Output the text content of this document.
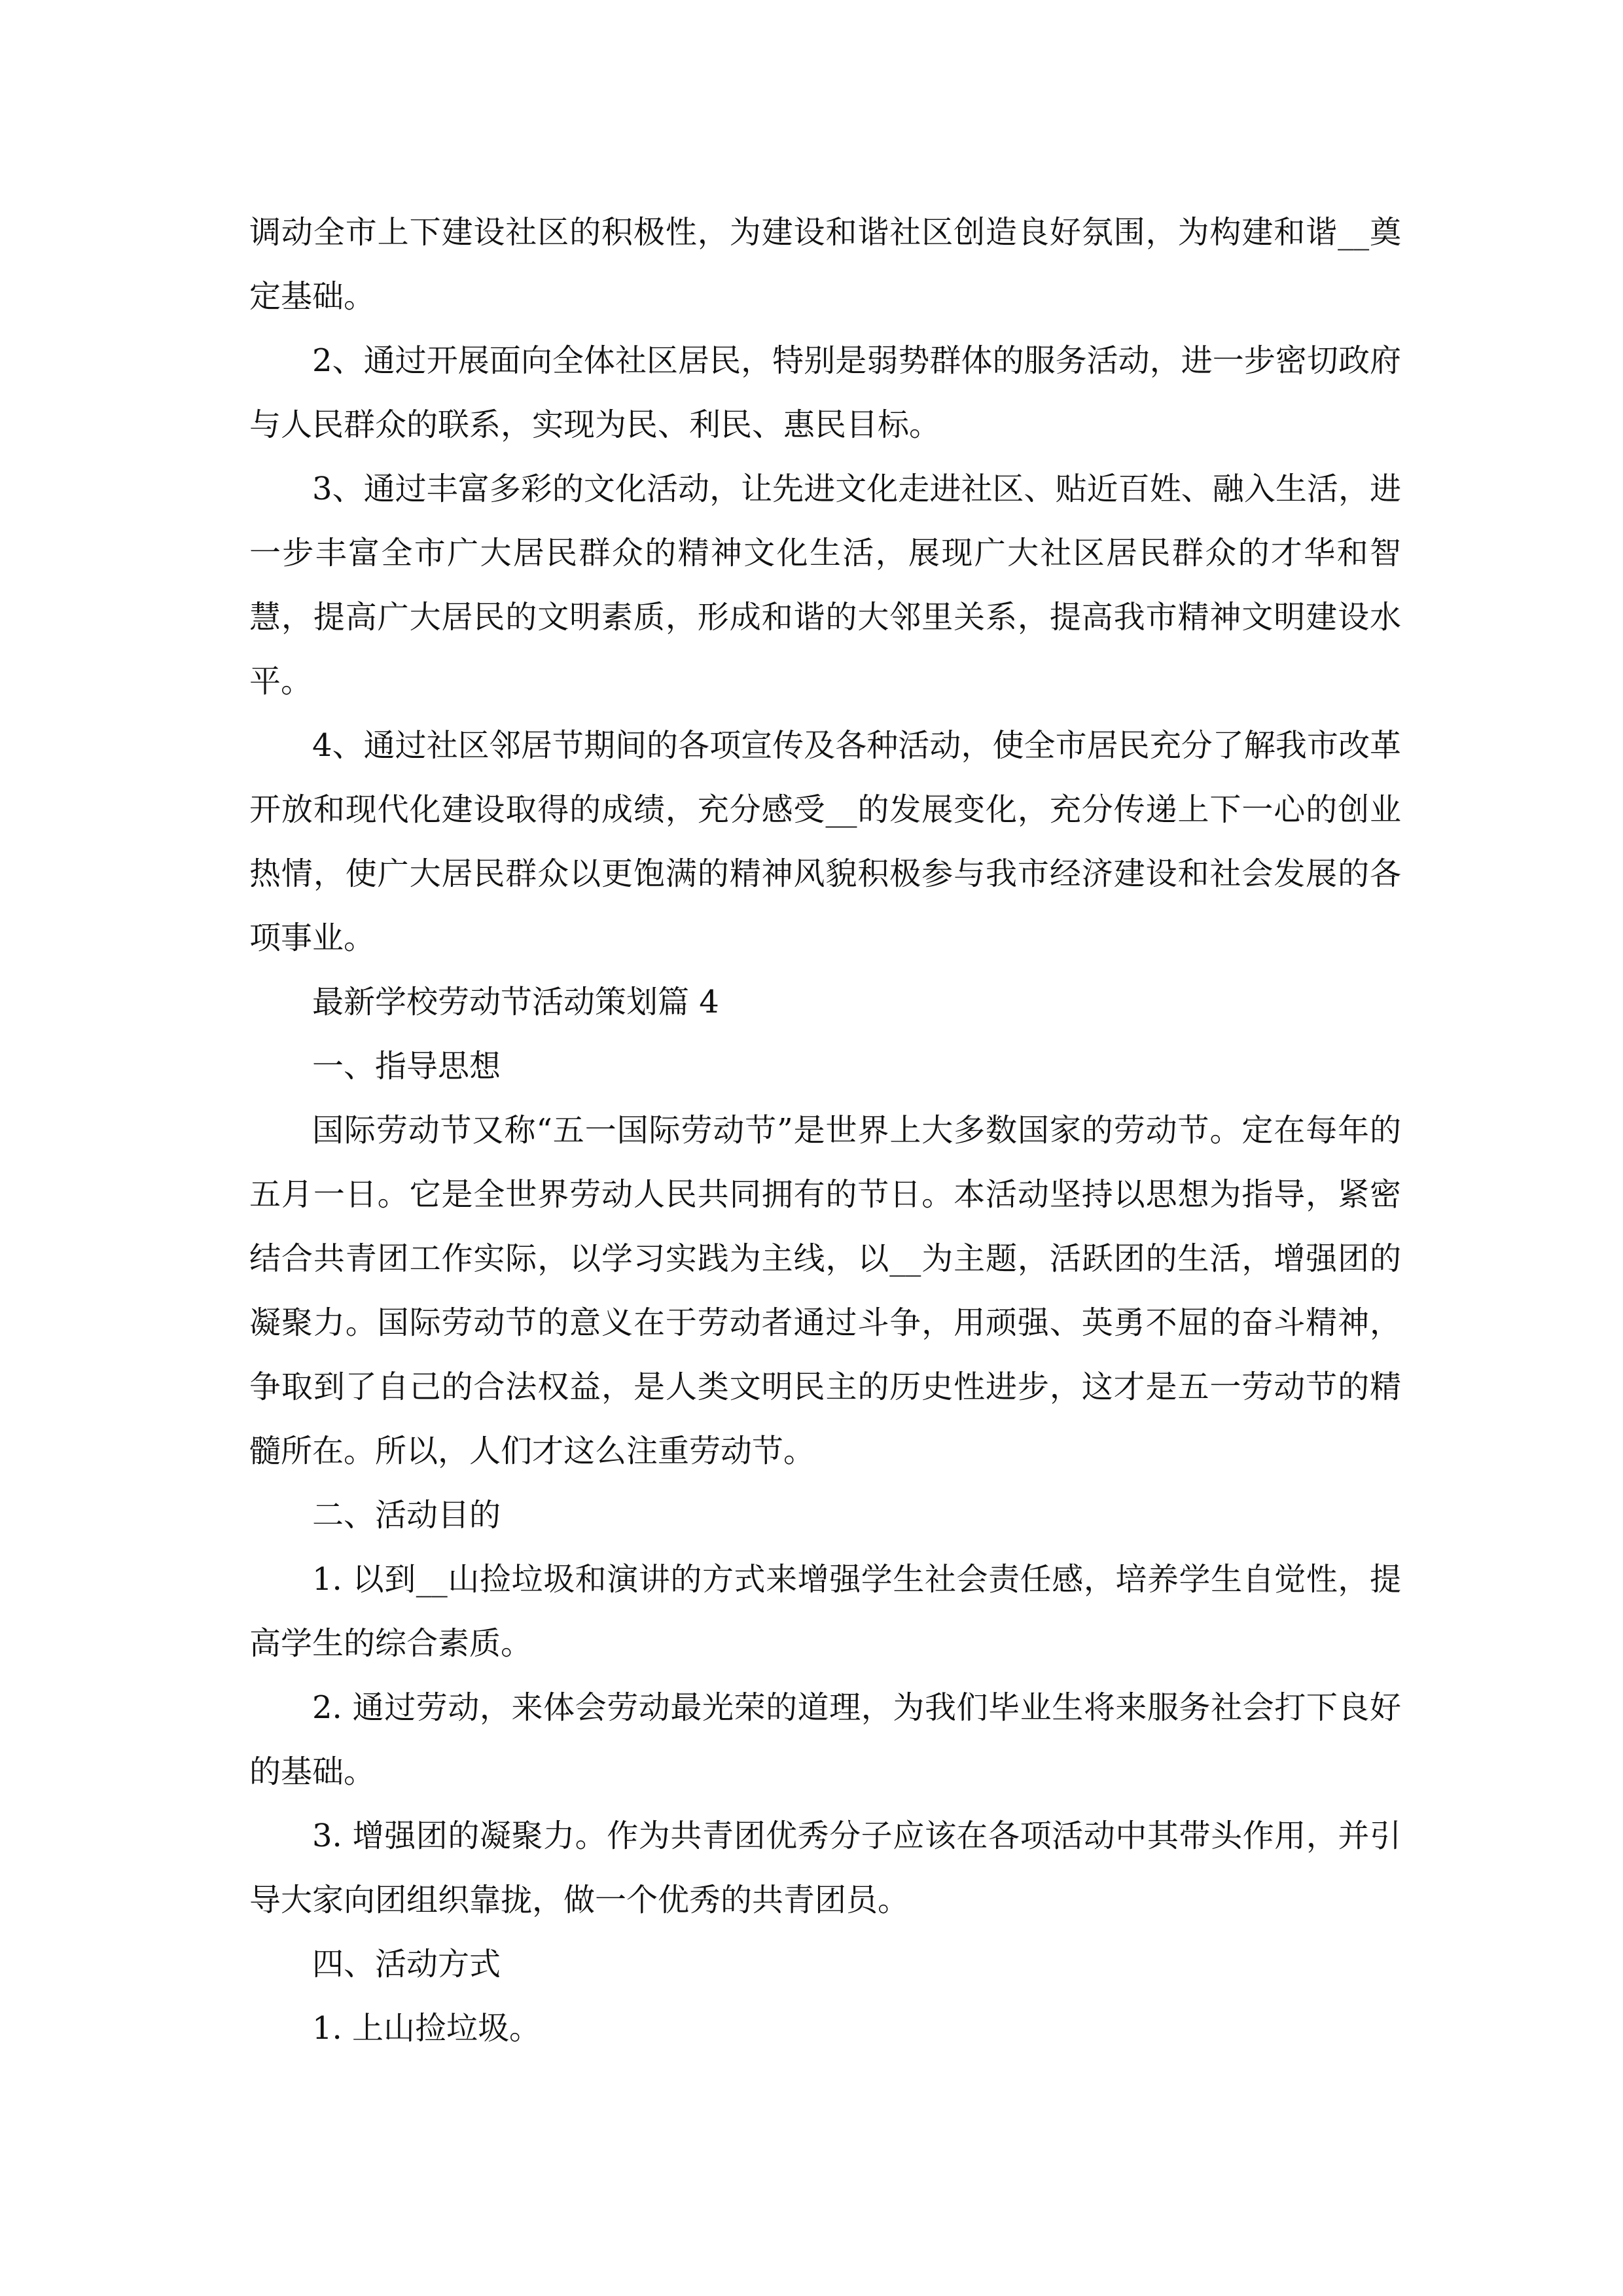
调动全市上下建设社区的积极性，为建设和谐社区创造良好氛围，为构建和谐__奠定基础。

2、通过开展面向全体社区居民，特别是弱势群体的服务活动，进一步密切政府与人民群众的联系，实现为民、利民、惠民目标。

3、通过丰富多彩的文化活动，让先进文化走进社区、贴近百姓、融入生活，进一步丰富全市广大居民群众的精神文化生活，展现广大社区居民群众的才华和智慧，提高广大居民的文明素质，形成和谐的大邻里关系，提高我市精神文明建设水平。

4、通过社区邻居节期间的各项宣传及各种活动，使全市居民充分了解我市改革开放和现代化建设取得的成绩，充分感受__的发展变化，充分传递上下一心的创业热情，使广大居民群众以更饱满的精神风貌积极参与我市经济建设和社会发展的各项事业。

最新学校劳动节活动策划篇 4

一、指导思想

国际劳动节又称“五一国际劳动节”是世界上大多数国家的劳动节。定在每年的五月一日。它是全世界劳动人民共同拥有的节日。本活动坚持以思想为指导，紧密结合共青团工作实际，以学习实践为主线，以__为主题，活跃团的生活，增强团的凝聚力。国际劳动节的意义在于劳动者通过斗争，用顽强、英勇不屈的奋斗精神，争取到了自己的合法权益，是人类文明民主的历史性进步，这才是五一劳动节的精髓所在。所以，人们才这么注重劳动节。

二、活动目的

1. 以到__山捡垃圾和演讲的方式来增强学生社会责任感，培养学生自觉性，提高学生的综合素质。

2. 通过劳动，来体会劳动最光荣的道理，为我们毕业生将来服务社会打下良好的基础。

3. 增强团的凝聚力。作为共青团优秀分子应该在各项活动中其带头作用，并引导大家向团组织靠拢，做一个优秀的共青团员。

四、活动方式

1. 上山捡垃圾。
